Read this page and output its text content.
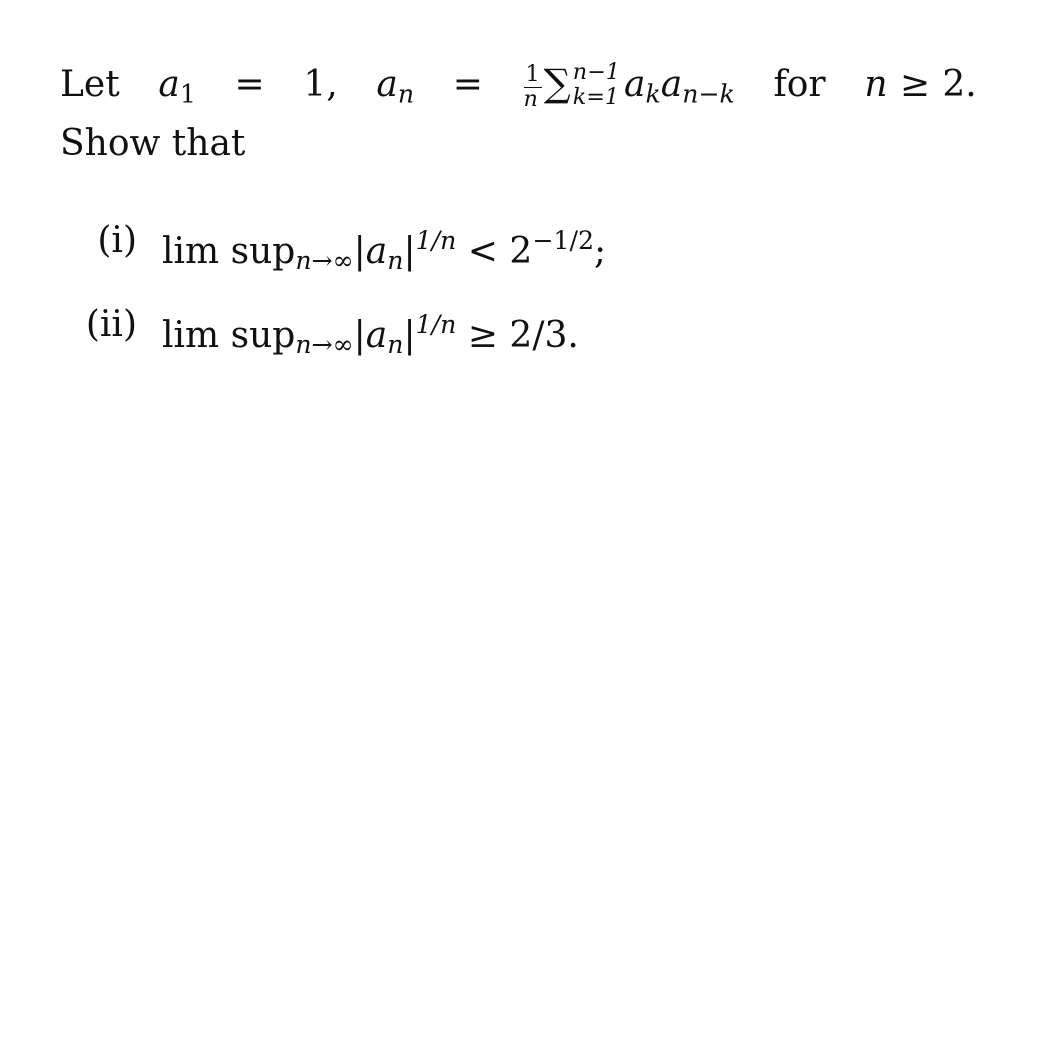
Let a1 = 1, $a_n = \frac{1}{n}$ ∑ n−1
k=1 $a_ka_{n-k}$ for n ≥ 2.  Show that
(i) $\lim sup_{n\to\infty}|a_n|^{1/n} < 2^{-1/2}$;
(ii) $\lim sup_{n\to\infty}|a_n|^{1/n} \ge 2/3$.
